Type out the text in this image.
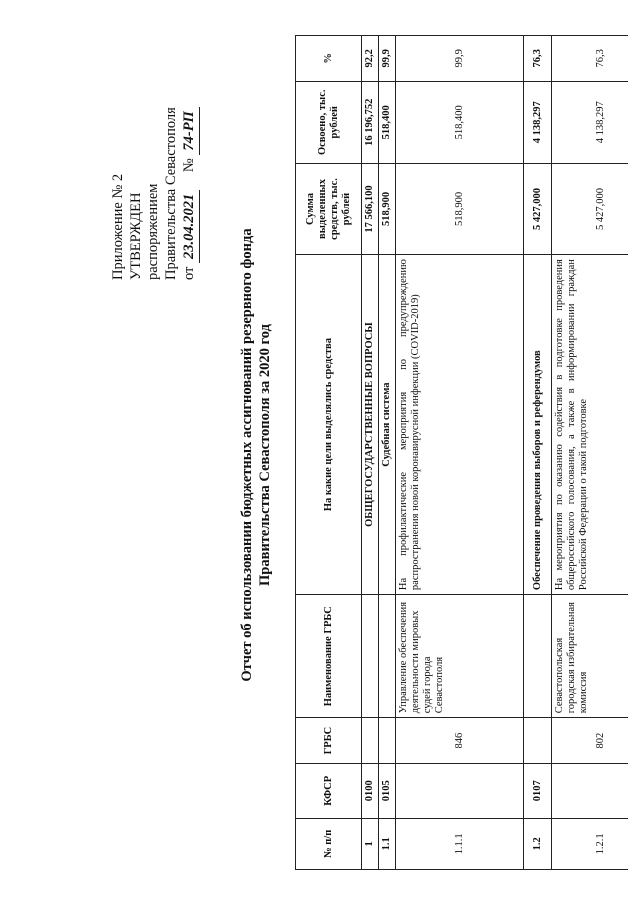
Приложение № 2 УТВЕРЖДЕН распоряжением Правительства Севастополя от 23.04.2021 № 74-РП
Отчет об использовании бюджетных ассигнований резервного фонда Правительства Севастополя за 2020 год
№ п/п	КФСР	ГРБС	Наименование ГРБС	На какие цели выделялись средства	Сумма выделенных средств, тыс. рублей	Освоено, тыс. рублей	%
1	0100			ОБЩЕГОСУДАРСТВЕННЫЕ ВОПРОСЫ	17 566,100	16 196,752	92,2
1.1	0105			Судебная система	518,900	518,400	99,9
1.1.1		846	Управление обеспечения деятельности мировых судей города Севастополя	На профилактические мероприятия по предупреждению распространения новой коронавирусной инфекции (COVID-2019)	518,900	518,400	99,9
1.2	0107			Обеспечение проведения выборов и референдумов	5 427,000	4 138,297	76,3
1.2.1		802	Севастопольская городская избирательная комиссия	На мероприятия по оказанию содействия в подготовке проведения общероссийского голосования, а также в информировании граждан Российской Федерации о такой подготовке	5 427,000	4 138,297	76,3
